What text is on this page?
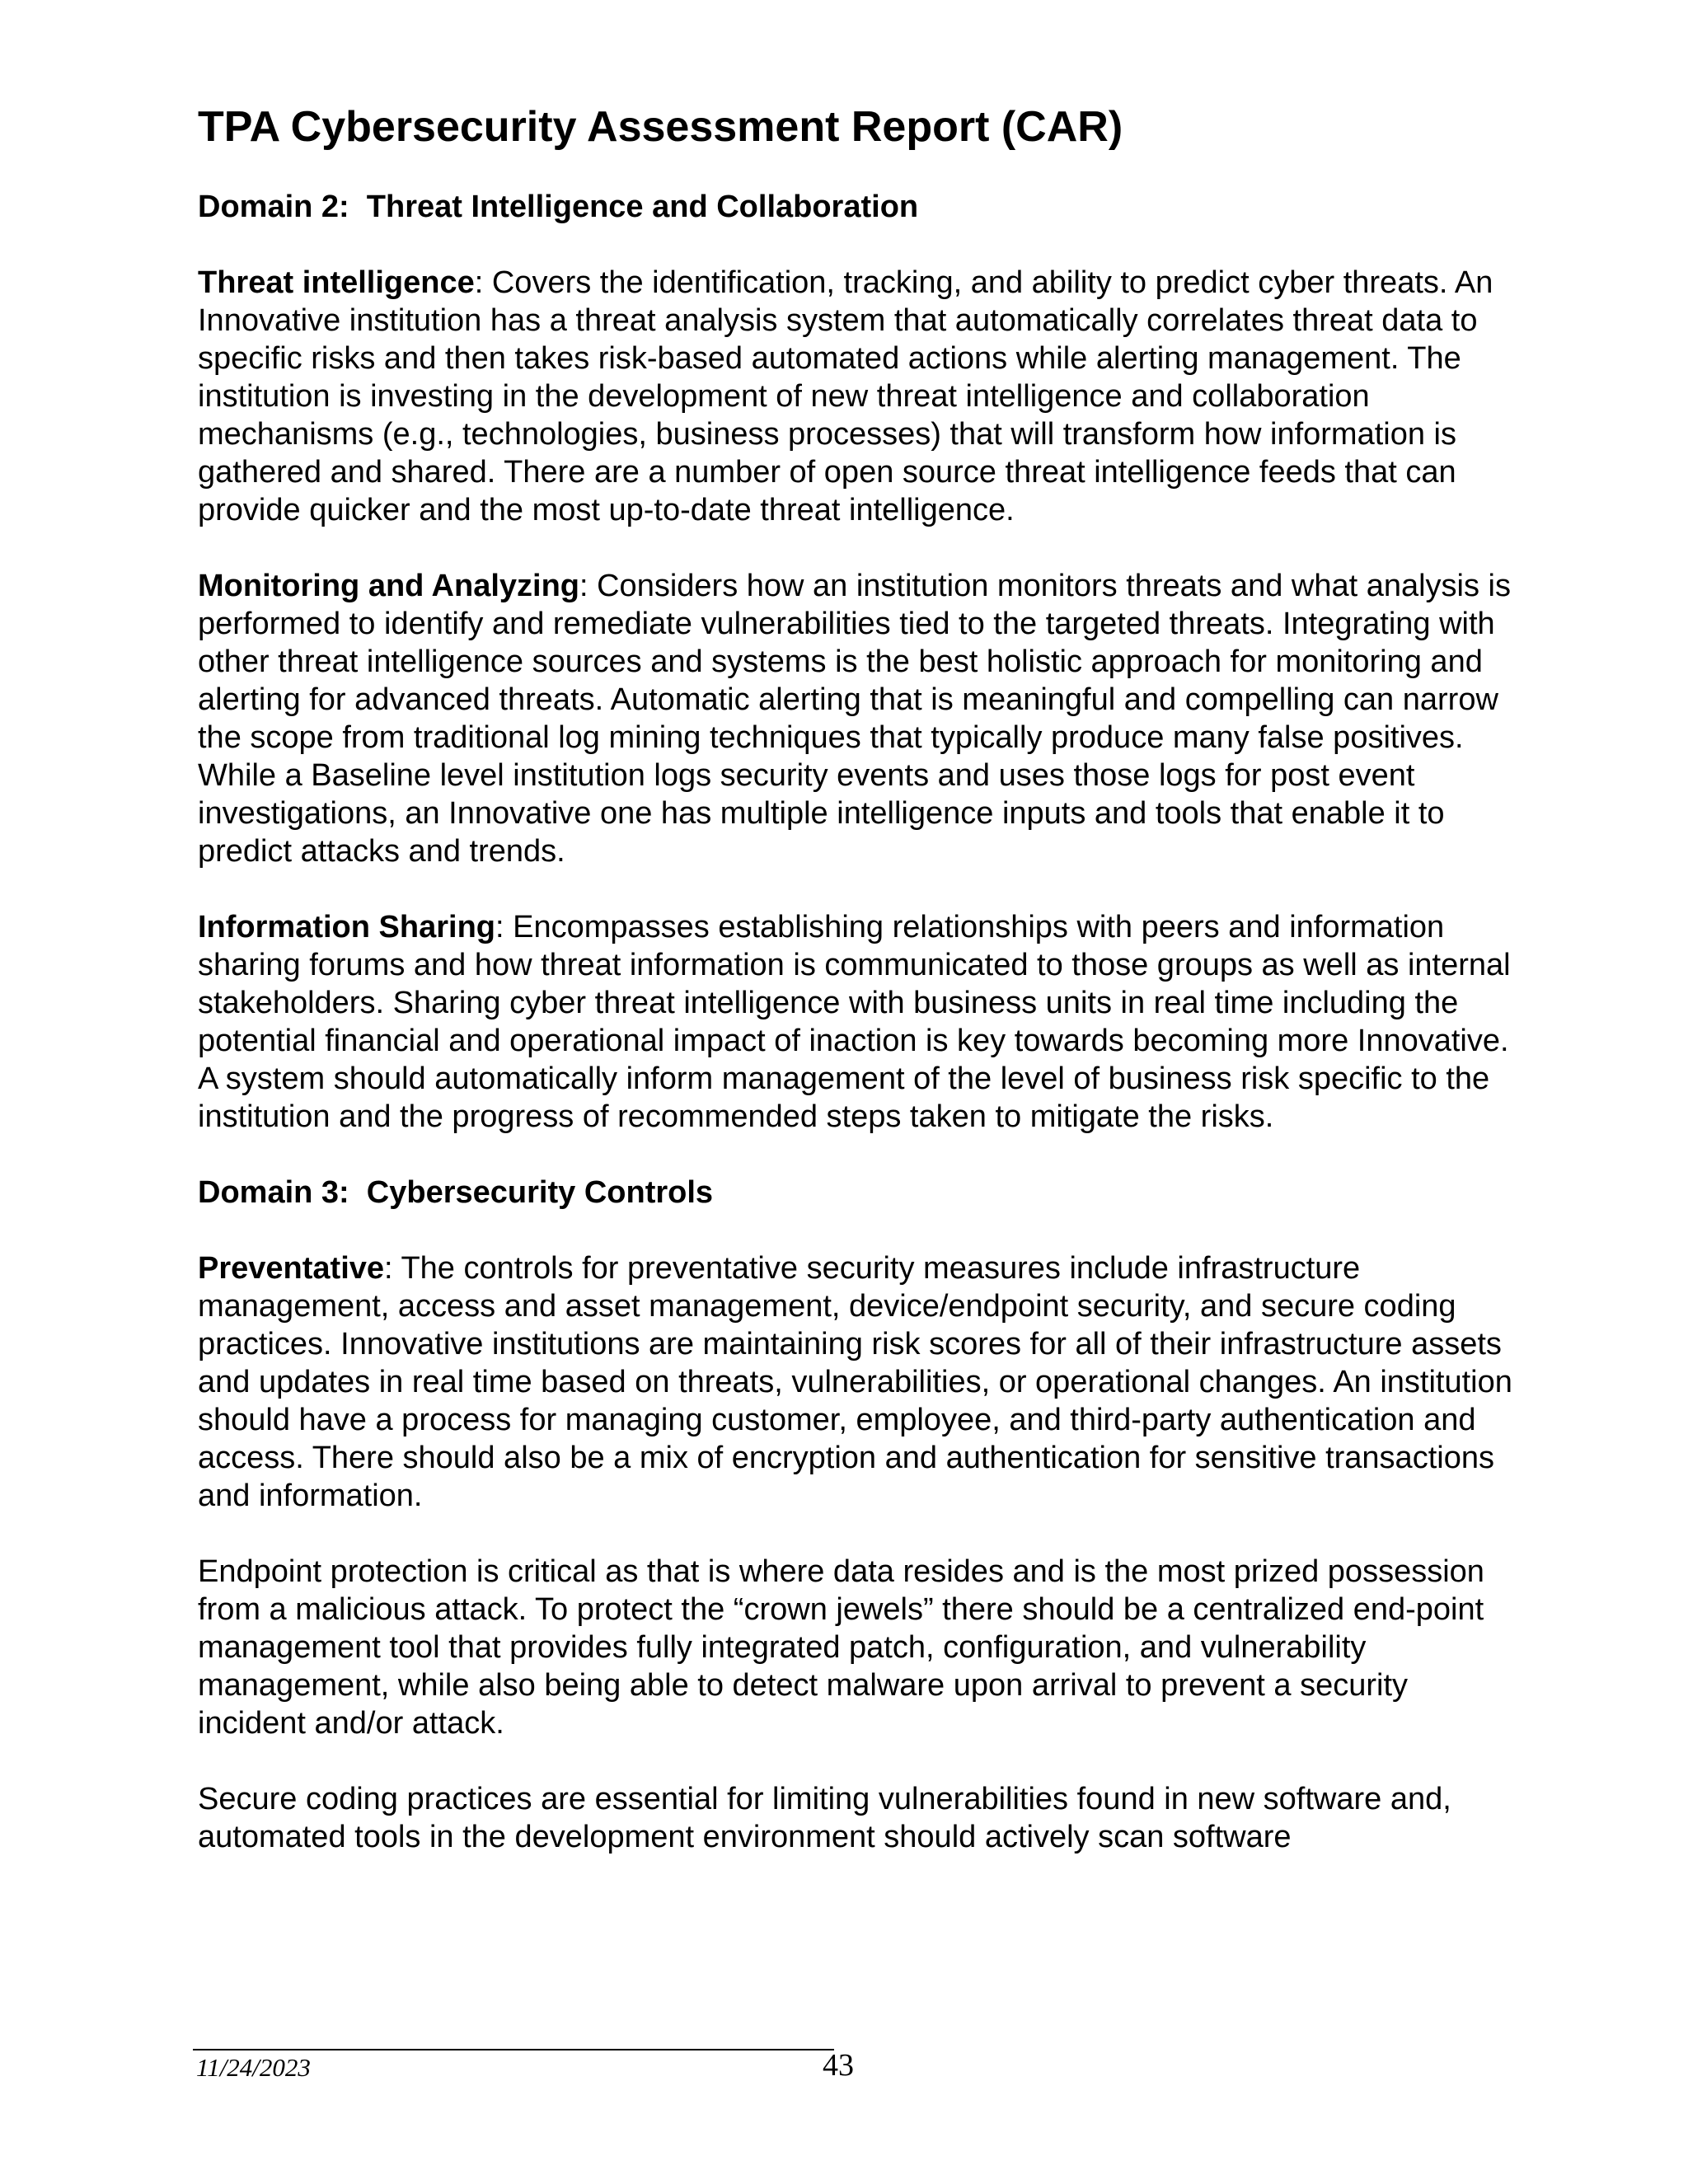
TPA Cybersecurity Assessment Report (CAR)
Domain 2:  Threat Intelligence and Collaboration

Threat intelligence: Covers the identification, tracking, and ability to predict cyber threats. An Innovative institution has a threat analysis system that automatically correlates threat data to specific risks and then takes risk-based automated actions while alerting management. The institution is investing in the development of new threat intelligence and collaboration mechanisms (e.g., technologies, business processes) that will transform how information is gathered and shared. There are a number of open source threat intelligence feeds that can provide quicker and the most up-to-date threat intelligence.

Monitoring and Analyzing: Considers how an institution monitors threats and what analysis is performed to identify and remediate vulnerabilities tied to the targeted threats. Integrating with other threat intelligence sources and systems is the best holistic approach for monitoring and alerting for advanced threats. Automatic alerting that is meaningful and compelling can narrow the scope from traditional log mining techniques that typically produce many false positives. While a Baseline level institution logs security events and uses those logs for post event investigations, an Innovative one has multiple intelligence inputs and tools that enable it to predict attacks and trends.

Information Sharing: Encompasses establishing relationships with peers and information sharing forums and how threat information is communicated to those groups as well as internal stakeholders. Sharing cyber threat intelligence with business units in real time including the potential financial and operational impact of inaction is key towards becoming more Innovative. A system should automatically inform management of the level of business risk specific to the institution and the progress of recommended steps taken to mitigate the risks.

Domain 3:  Cybersecurity Controls

Preventative: The controls for preventative security measures include infrastructure management, access and asset management, device/endpoint security, and secure coding practices. Innovative institutions are maintaining risk scores for all of their infrastructure assets and updates in real time based on threats, vulnerabilities, or operational changes. An institution should have a process for managing customer, employee, and third-party authentication and access. There should also be a mix of encryption and authentication for sensitive transactions and information.

Endpoint protection is critical as that is where data resides and is the most prized possession from a malicious attack. To protect the “crown jewels” there should be a centralized end-point management tool that provides fully integrated patch, configuration, and vulnerability management, while also being able to detect malware upon arrival to prevent a security incident and/or attack.

Secure coding practices are essential for limiting vulnerabilities found in new software and, automated tools in the development environment should actively scan software

11/24/2023	43
